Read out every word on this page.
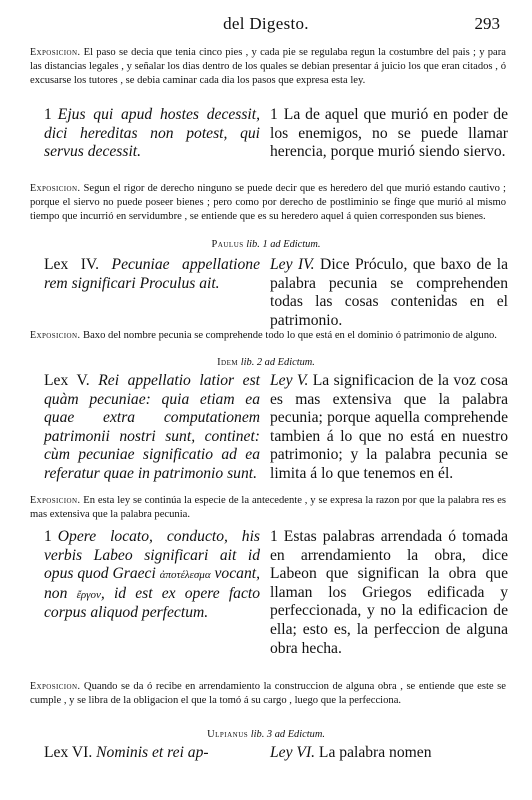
del Digesto.	293
Exposicion. El paso se decia que tenia cinco pies , y cada pie se regulaba regun la costumbre del pais ; y para las distancias legales , y señalar los dias dentro de los quales se debian presentar á juicio los que eran citados , ó excusarse los tutores , se debia caminar cada dia los pasos que expresa esta ley.
1 Ejus qui apud hostes decessit, dici hereditas non potest, qui servus decessit.
1 La de aquel que murió en poder de los enemigos, no se puede llamar herencia, porque murió siendo siervo.
Exposicion. Segun el rigor de derecho ninguno se puede decir que es heredero del que murió estando cautivo ; porque el siervo no puede poseer bienes ; pero como por derecho de postliminio se finge que murió al mismo tiempo que incurrió en servidumbre , se entiende que es su heredero aquel á quien corresponden sus bienes.
Paulus lib. 1 ad Edictum.
Lex IV. Pecuniae appellatione rem significari Proculus ait.
Ley IV. Dice Próculo, que baxo de la palabra pecunia se comprehenden todas las cosas contenidas en el patrimonio.
Exposicion. Baxo del nombre pecunia se comprehende todo lo que está en el dominio ó patrimonio de alguno.
Idem lib. 2 ad Edictum.
Lex V. Rei appellatio latior est quàm pecuniae: quia etiam ea quae extra computationem patrimonii nostri sunt, continet: cùm pecuniae significatio ad ea referatur quae in patrimonio sunt.
Ley V. La significacion de la voz cosa es mas extensiva que la palabra pecunia; porque aquella comprehende tambien á lo que no está en nuestro patrimonio; y la palabra pecunia se limita á lo que tenemos en él.
Exposicion. En esta ley se continúa la especie de la antecedente , y se expresa la razon por que la palabra res es mas extensiva que la palabra pecunia.
1 Opere locato, conducto, his verbis Labeo significari ait id opus quod Graeci ἀποτέλεσμα vocant, non ἔργον, id est ex opere facto corpus aliquod perfectum.
1 Estas palabras arrendada ó tomada en arrendamiento la obra, dice Labeon que significan la obra que llaman los Griegos edificada y perfeccionada, y no la edificacion de ella; esto es, la perfeccion de alguna obra hecha.
Exposicion. Quando se da ó recibe en arrendamiento la construccion de alguna obra , se entiende que este se cumple , y se libra de la obligacion el que la tomó á su cargo , luego que la perfecciona.
Ulpianus lib. 3 ad Edictum.
Lex VI. Nominis et rei ap-	Ley VI. La palabra nomen
